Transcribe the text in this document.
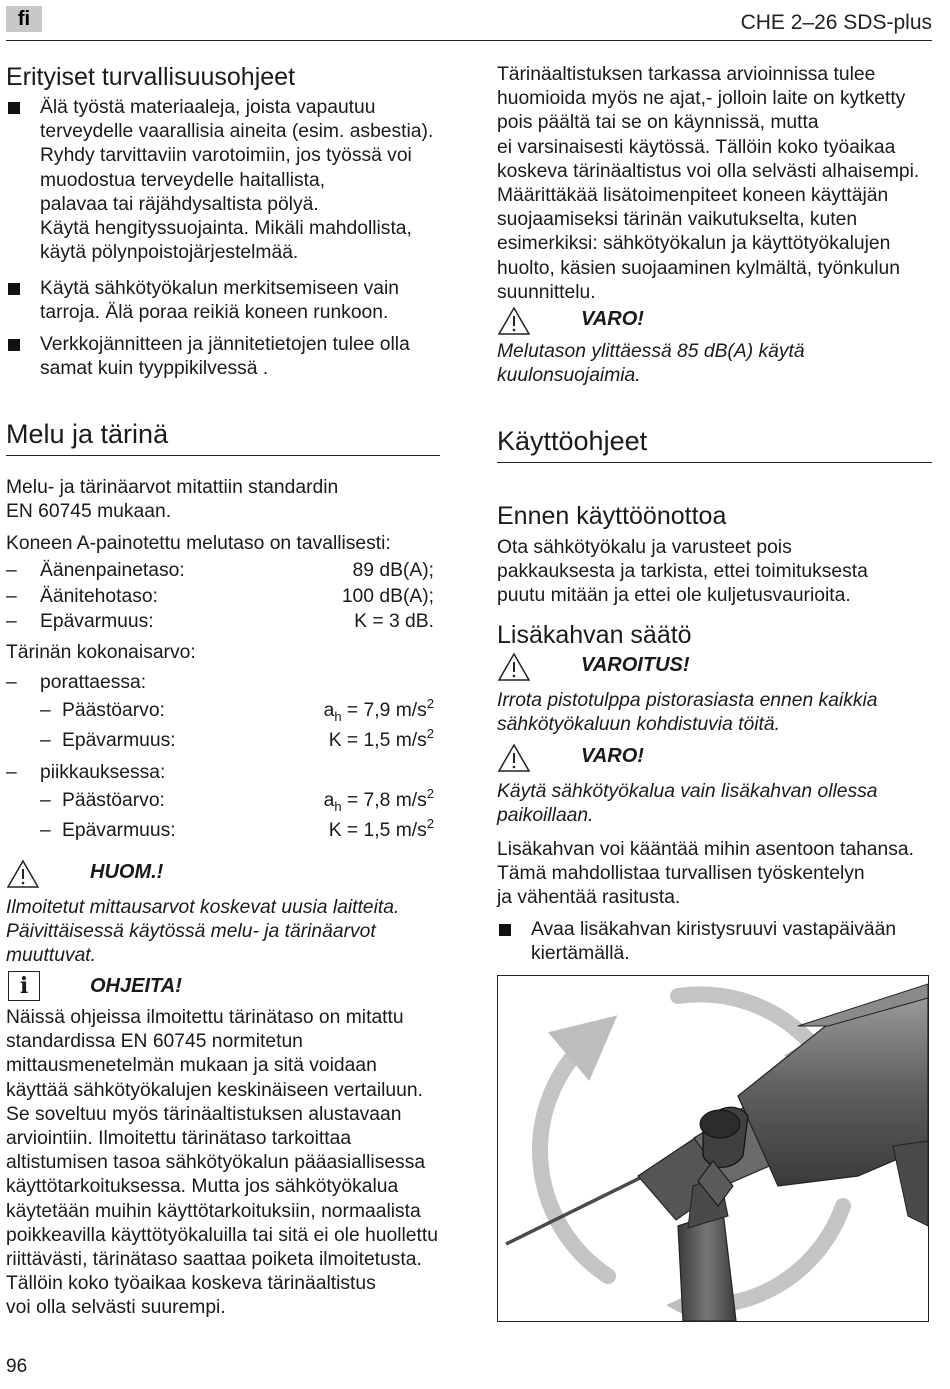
fi	CHE 2–26 SDS-plus
Erityiset turvallisuusohjeet
Älä työstä materiaaleja, joista vapautuu
terveydelle vaarallisia aineita (esim. asbestia).
Ryhdy tarvittaviin varotoimiin, jos työssä voi
muodostua terveydelle haitallista,
palavaa tai räjähdysaltista pölyä.
Käytä hengityssuojainta. Mikäli mahdollista,
käytä pölynpoistojärjestelmää.
Käytä sähkötyökalun merkitsemiseen vain
tarroja. Älä poraa reikiä koneen runkoon.
Verkkojännitteen ja jännitetietojen tulee olla
samat kuin tyyppikilvessä .
Melu ja tärinä
Melu- ja tärinäarvot mitattiin standardin
EN 60745 mukaan.
Koneen A-painotettu melutaso on tavallisesti:
– Äänenpainetaso:	89 dB(A);
– Äänitehotaso:	100 dB(A);
– Epävarmuus:	K = 3 dB.
Tärinän kokonaisarvo:
– porattaessa:
– Päästöarvo:	$a_h = 7,9$ $m/s^2$
– Epävarmuus:	K = 1,5 $m/s^2$
– piikkauksessa:
– Päästöarvo:	$a_h = 7,8$ $m/s^2$
– Epävarmuus:	K = 1,5 $m/s^2$
HUOM.!
Ilmoitetut mittausarvot koskevat uusia laitteita.
Päivittäisessä käytössä melu- ja tärinäarvot
muuttuvat.
i	OHJEITA!
Näissä ohjeissa ilmoitettu tärinätaso on mitattu
standardissa EN 60745 normitetun
mittausmenetelmän mukaan ja sitä voidaan
käyttää sähkötyökalujen keskinäiseen vertailuun.
Se soveltuu myös tärinäaltistuksen alustavaan
arviointiin. Ilmoitettu tärinätaso tarkoittaa
altistumisen tasoa sähkötyökalun pääasiallisessa
käyttötarkoituksessa. Mutta jos sähkötyökalua
käytetään muihin käyttötarkoituksiin, normaalista
poikkeavilla käyttötyökaluilla tai sitä ei ole huollettu
riittävästi, tärinätaso saattaa poiketa ilmoitetusta.
Tällöin koko työaikaa koskeva tärinäaltistus
voi olla selvästi suurempi.
Tärinäaltistuksen tarkassa arvioinnissa tulee
huomioida myös ne ajat,- jolloin laite on kytketty
pois päältä tai se on käynnissä, mutta
ei varsinaisesti käytössä. Tällöin koko työaikaa
koskeva tärinäaltistus voi olla selvästi alhaisempi.
Määrittäkää lisätoimenpiteet koneen käyttäjän
suojaamiseksi tärinän vaikutukselta, kuten
esimerkiksi: sähkötyökalun ja käyttötyökalujen
huolto, käsien suojaaminen kylmältä, työnkulun
suunnittelu.
VARO!
Melutason ylittäessä 85 dB(A) käytä
kuulonsuojaimia.
Käyttöohjeet
Ennen käyttöönottoa
Ota sähkötyökalu ja varusteet pois
pakkauksesta ja tarkista, ettei toimituksesta
puutu mitään ja ettei ole kuljetusvaurioita.
Lisäkahvan säätö
VAROITUS!
Irrota pistotulppa pistorasiasta ennen kaikkia
sähkötyökaluun kohdistuvia töitä.
VARO!
Käytä sähkötyökalua vain lisäkahvan ollessa
paikoillaan.
Lisäkahvan voi kääntää mihin asentoon tahansa.
Tämä mahdollistaa turvallisen työskentelyn
ja vähentää rasitusta.
Avaa lisäkahvan kiristysruuvi vastapäivään
kiertämällä.
96
